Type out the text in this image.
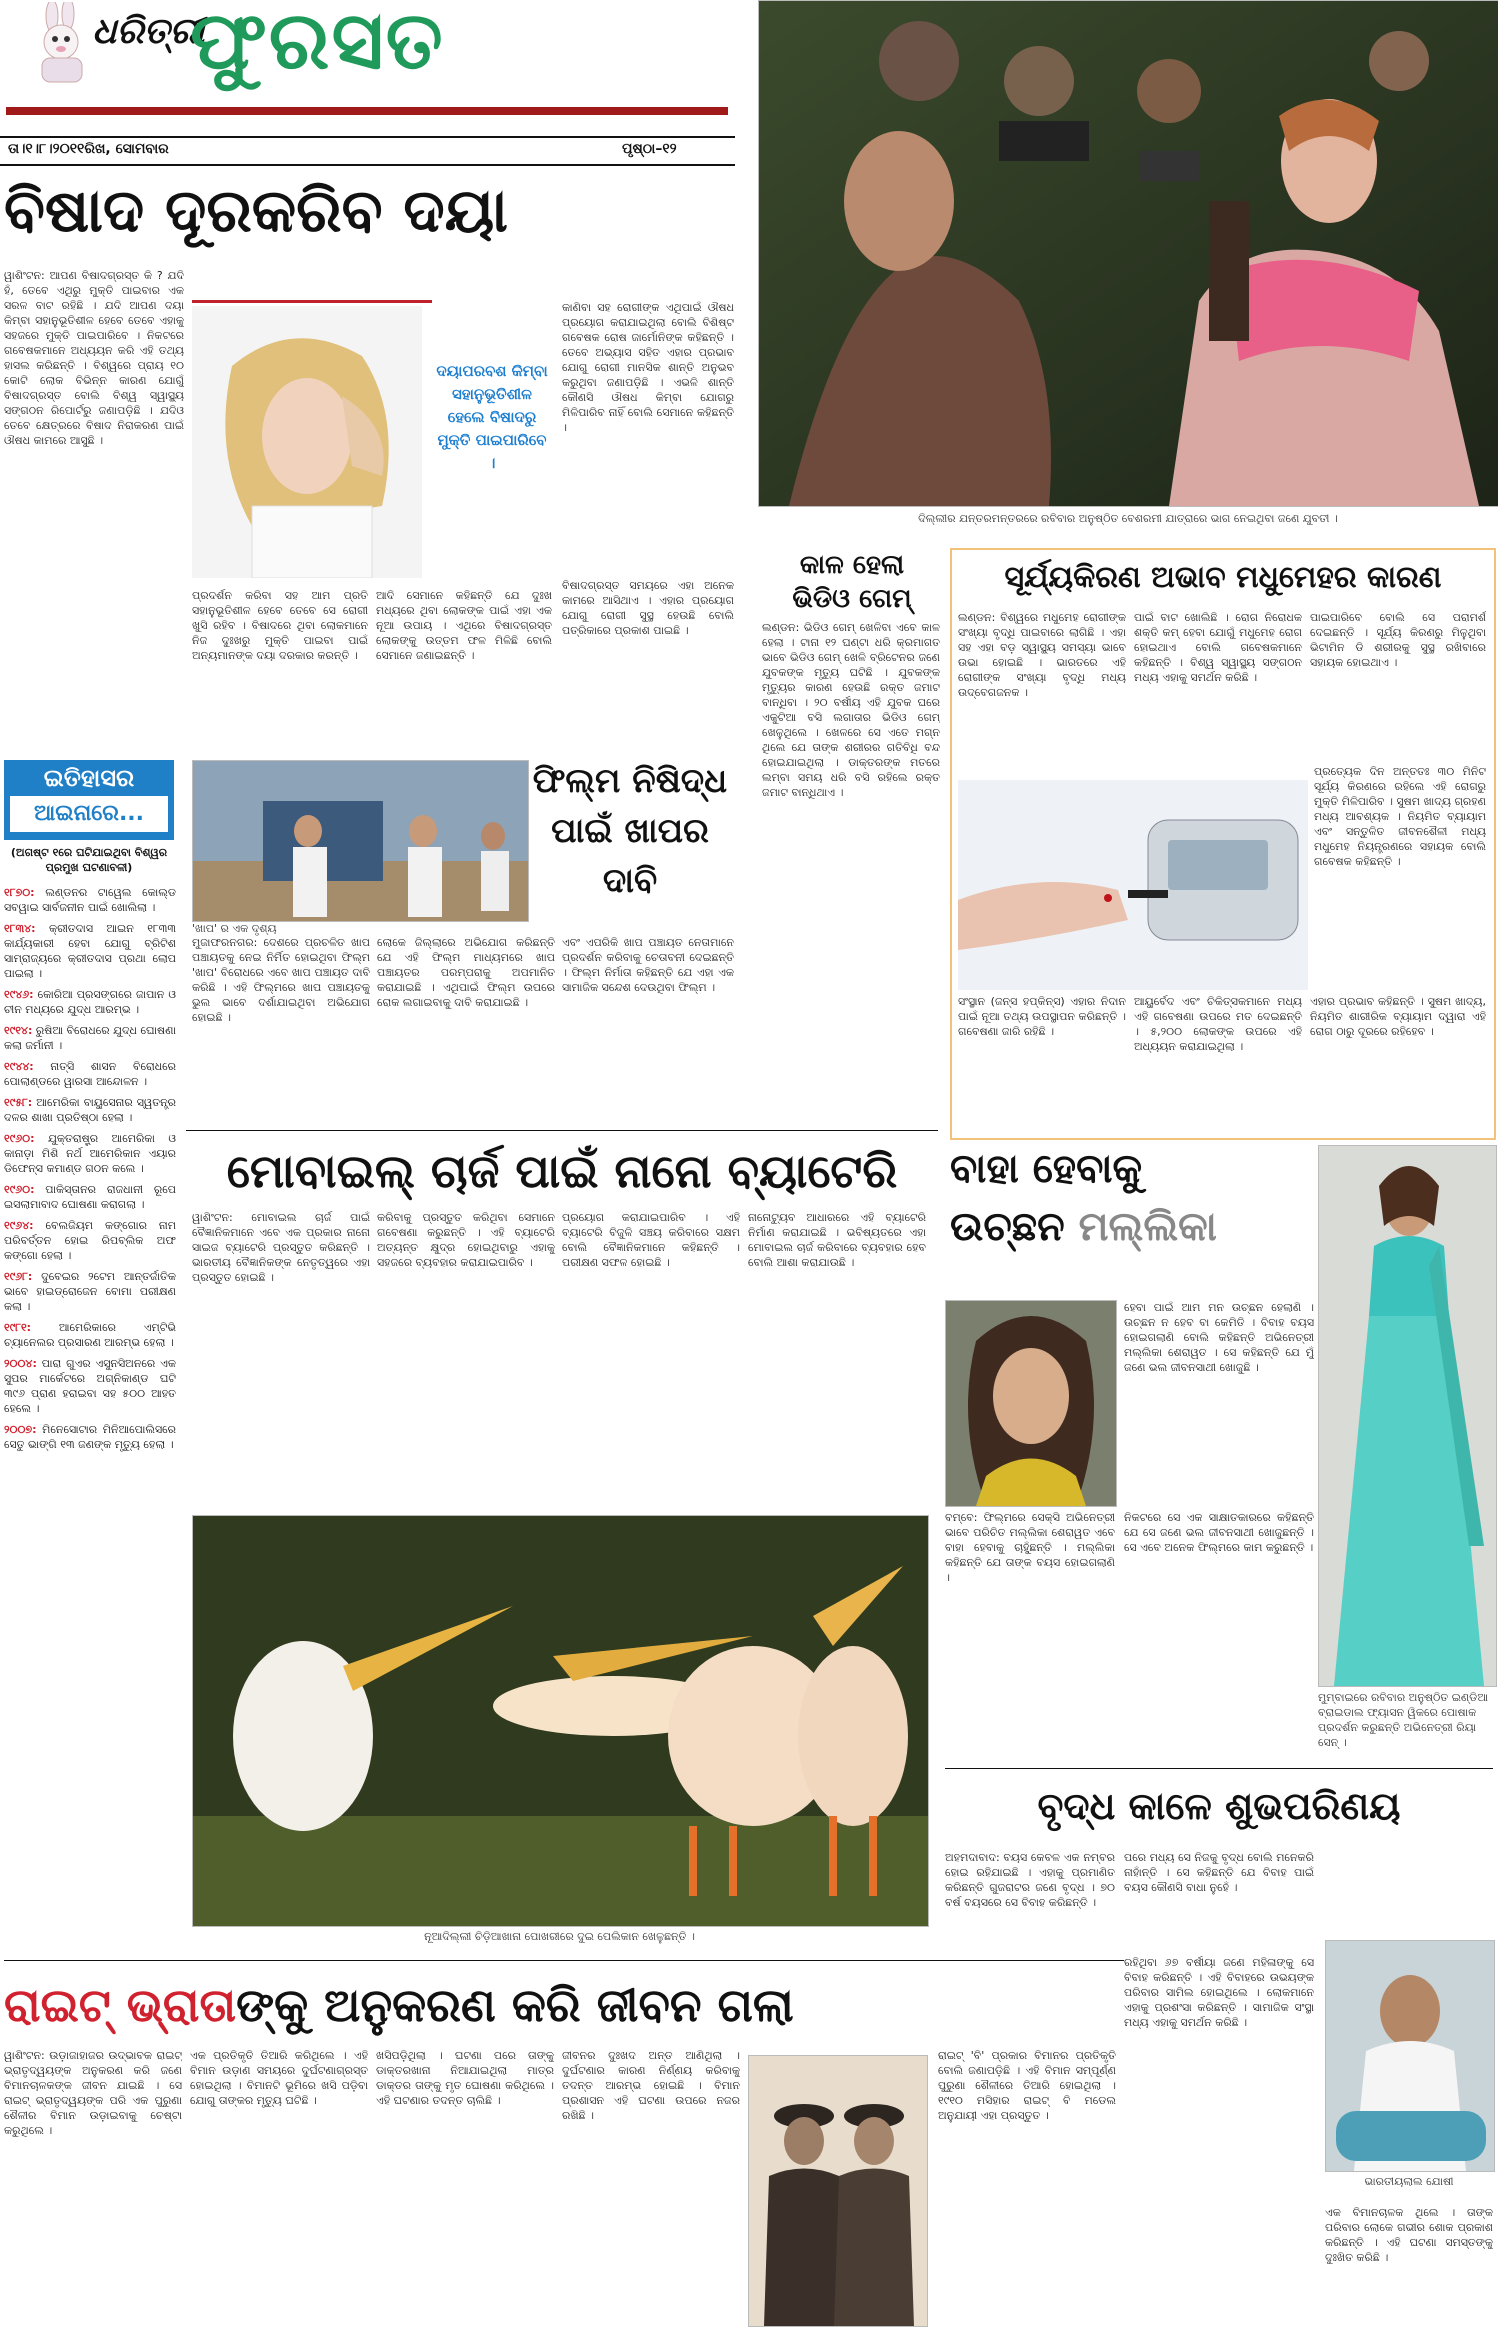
ଧରିତ୍ରୀ
ଫୁରସତ
ତା।୧।୮।୨୦୧୧ରିଖ, ସୋମବାର	ପୃଷ୍ଠା–୧୨
ଦିଲ୍ଲୀର ଯନ୍ତରମନ୍ତରରେ ରବିବାର ଅନୁଷ୍ଠିତ ବେଶରମୀ ଯାତ୍ରାରେ ଭାଗ ନେଇଥିବା ଜଣେ ଯୁବତୀ ।
ବିଷାଦ ଦୂରକରିବ ଦୟା
ୱାଶିଂଟନ: ଆପଣ ବିଷାଦଗ୍ରସ୍ତ କି ? ଯଦି ହଁ, ତେବେ ଏଥିରୁ ମୁକ୍ତି ପାଇବାର ଏକ ସରଳ ବାଟ ରହିଛି । ଯଦି ଆପଣ ଦୟା କିମ୍ବା ସହାନୁଭୂତିଶୀଳ ହେବେ ତେବେ ଏହାକୁ ସହଜରେ ମୁକ୍ତି ପାଇପାରିବେ । ନିକଟରେ ଗବେଷକମାନେ ଅଧ୍ୟୟନ କରି ଏହି ତଥ୍ୟ ହାସଲ କରିଛନ୍ତି । ବିଶ୍ୱରେ ପ୍ରାୟ ୧୦ କୋଟି ଲୋକ ବିଭିନ୍ନ କାରଣ ଯୋଗୁଁ ବିଷାଦଗ୍ରସ୍ତ ବୋଲି ବିଶ୍ୱ ସ୍ୱାସ୍ଥ୍ୟ ସଙ୍ଗଠନ ରିପୋର୍ଟରୁ ଜଣାପଡ଼ିଛି । ଯଦିଓ ତେବେ କ୍ଷେତ୍ରରେ ବିଷାଦ ନିରାକରଣ ପାଇଁ ଔଷଧ କାମରେ ଆସୁଛି ।
ଦୟାପରବଶ କିମ୍ବା ସହାନୁଭୂତିଶୀଳ ହେଲେ ବିଷାଦରୁ ମୁକ୍ତି ପାଇପାରିବେ ।
କାଣିବା ସହ ରୋଗୀଙ୍କ ଏଥିପାଇଁ ଔଷଧ ପ୍ରୟୋଗ କରାଯାଇଥିଲା ବୋଲି ବିଶିଷ୍ଟ ଗବେଷକ ରୋଷ ଜାର୍ମୋନିଙ୍କ କହିଛନ୍ତି । ତେବେ ଅଭ୍ୟାସ ସହିତ ଏହାର ପ୍ରଭାବ ଯୋଗୁ ରୋଗୀ ମାନସିକ ଶାନ୍ତି ଅନୁଭବ କରୁଥିବା ଜଣାପଡ଼ିଛି । ଏଭଳି ଶାନ୍ତି କୌଣସି ଔଷଧ କିମ୍ବା ଯୋଗରୁ ମିଳିପାରିବ ନାହିଁ ବୋଲି ସେମାନେ କହିଛନ୍ତି ।
ପ୍ରଦର୍ଶନ କରିବା ସହ ଆମ ପ୍ରତି ସହାନୁଭୂତିଶୀଳ ହେବେ ତେବେ ସେ ରୋଗୀ ଖୁସି ରହିବ । ବିଷାଦରେ ଥିବା ଲୋକମାନେ ନିଜ ଦୁଃଖରୁ ମୁକ୍ତି ପାଇବା ପାଇଁ ଅନ୍ୟମାନଙ୍କ ଦୟା ଦରକାର କରନ୍ତି ।
ଆଦି ସେମାନେ କହିଛନ୍ତି ଯେ ଦୁଃଖ ମଧ୍ୟରେ ଥିବା ଲୋକଙ୍କ ପାଇଁ ଏହା ଏକ ନୂଆ ଉପାୟ । ଏଥିରେ ବିଷାଦଗ୍ରସ୍ତ ଲୋକଙ୍କୁ ଉତ୍ତମ ଫଳ ମିଳିଛି ବୋଲି ସେମାନେ ଜଣାଇଛନ୍ତି ।
ବିଷାଦଗ୍ରସ୍ତ ସମୟରେ ଏହା ଅନେକ କାମରେ ଆସିଥାଏ । ଏହାର ପ୍ରୟୋଗ ଯୋଗୁ ରୋଗୀ ସୁସ୍ଥ ହେଉଛି ବୋଲି ପତ୍ରିକାରେ ପ୍ରକାଶ ପାଇଛି ।
କାଳ ହେଲା
ଭିଡିଓ ଗେମ୍
ଲଣ୍ଡନ: ଭିଡିଓ ଗେମ୍ ଖେଳିବା ଏବେ କାଳ ହେଲା । ଟାନା ୧୨ ଘଣ୍ଟା ଧରି କ୍ରମାଗତ ଭାବେ ଭିଡିଓ ଗେମ୍ ଖେଳି ବ୍ରିଟେନର ଜଣେ ଯୁବକଙ୍କ ମୃତ୍ୟୁ ଘଟିଛି । ଯୁବକଙ୍କ ମୃତ୍ୟୁର କାରଣ ହେଉଛି ରକ୍ତ ଜମାଟ ବାନ୍ଧିବା । ୨୦ ବର୍ଷୀୟ ଏହି ଯୁବକ ଘରେ ଏକୁଟିଆ ବସି ଲଗାତାର ଭିଡିଓ ଗେମ୍ ଖେଳୁଥିଲେ । ଖେଳରେ ସେ ଏତେ ମଗ୍ନ ଥିଲେ ଯେ ତାଙ୍କ ଶରୀରର ଗତିବିଧି ବନ୍ଦ ହୋଇଯାଇଥିଲା । ଡାକ୍ତରଙ୍କ ମତରେ ଲମ୍ବା ସମୟ ଧରି ବସି ରହିଲେ ରକ୍ତ ଜମାଟ ବାନ୍ଧିଥାଏ ।
ସୂର୍ଯ୍ୟକିରଣ ଅଭାବ ମଧୁମେହର କାରଣ
ଲଣ୍ଡନ: ବିଶ୍ୱରେ ମଧୁମେହ ରୋଗୀଙ୍କ ସଂଖ୍ୟା ବୃଦ୍ଧି ପାଇବାରେ ଲାଗିଛି । ଏହା ସହ ଏହା ବଡ଼ ସ୍ୱାସ୍ଥ୍ୟ ସମସ୍ୟା ଭାବେ ଉଭା ହୋଇଛି । ଭାରତରେ ଏହି ରୋଗୀଙ୍କ ସଂଖ୍ୟା ବୃଦ୍ଧି ମଧ୍ୟ ଉଦ୍ବେଗଜନକ ।
ପାଇଁ ବାଟ ଖୋଲିଛି । ରୋଗ ନିରୋଧକ ଶକ୍ତି କମ୍ ହେବା ଯୋଗୁଁ ମଧୁମେହ ରୋଗ ହୋଇଥାଏ ବୋଲି ଗବେଷକମାନେ କହିଛନ୍ତି । ବିଶ୍ୱ ସ୍ୱାସ୍ଥ୍ୟ ସଙ୍ଗଠନ ମଧ୍ୟ ଏହାକୁ ସମର୍ଥନ କରିଛି ।
ପାଇପାରିବେ ବୋଲି ସେ ପରାମର୍ଶ ଦେଇଛନ୍ତି । ସୂର୍ଯ୍ୟ କିରଣରୁ ମିଳୁଥିବା ଭିଟାମିନ ଡି ଶରୀରକୁ ସୁସ୍ଥ ରଖିବାରେ ସହାୟକ ହୋଇଥାଏ ।
ପ୍ରତ୍ୟେକ ଦିନ ଅନ୍ତତଃ ୩୦ ମିନିଟ ସୂର୍ଯ୍ୟ କିରଣରେ ରହିଲେ ଏହି ରୋଗରୁ ମୁକ୍ତି ମିଳିପାରିବ । ସୁଷମ ଖାଦ୍ୟ ଗ୍ରହଣ ମଧ୍ୟ ଆବଶ୍ୟକ । ନିୟମିତ ବ୍ୟାୟାମ ଏବଂ ସନ୍ତୁଳିତ ଜୀବନଶୈଳୀ ମଧ୍ୟ ମଧୁମେହ ନିୟନ୍ତ୍ରଣରେ ସହାୟକ ବୋଲି ଗବେଷକ କହିଛନ୍ତି ।
ସଂସ୍ଥାନ (ଜନ୍ସ ହପ୍କିନ୍ସ) ଏହାର ନିଦାନ ପାଇଁ ନୂଆ ତଥ୍ୟ ଉପସ୍ଥାପନ କରିଛନ୍ତି । ଗବେଷଣା ଜାରି ରହିଛି ।
ଆୟୁର୍ବେଦ ଏବଂ ଚିକିତ୍ସକମାନେ ମଧ୍ୟ ଏହି ଗବେଷଣା ଉପରେ ମତ ଦେଇଛନ୍ତି । ୫,୨୦୦ ଲୋକଙ୍କ ଉପରେ ଏହି ଅଧ୍ୟୟନ କରାଯାଇଥିଲା ।
ଏହାର ପ୍ରଭାବ କହିଛନ୍ତି । ସୁଷମ ଖାଦ୍ୟ, ନିୟମିତ ଶାରୀରିକ ବ୍ୟାୟାମ ଦ୍ୱାରା ଏହି ରୋଗ ଠାରୁ ଦୂରରେ ରହିହେବ ।
ଇତିହାସର
ଆଇନାରେ...
(ଅଗଷ୍ଟ ୧ରେ ଘଟିଯାଇଥିବା ବିଶ୍ୱର ପ୍ରମୁଖ ଘଟଣାବଳୀ)
୧୮୭୦: ଲଣ୍ଡନର ଟାୱେଲ କୋଲ୍ଡ ସବୱାଇ ସାର୍ବଜନୀନ ପାଇଁ ଖୋଲିଲା ।
୧୮୩୪: କ୍ରୀତଦାସ ଆଇନ ୧୮୩୩ କାର୍ଯ୍ୟକାରୀ ହେବା ଯୋଗୁ ବ୍ରିଟିଶ ସାମ୍ରାଜ୍ୟରେ କ୍ରୀତଦାସ ପ୍ରଥା ଲୋପ ପାଇଲା ।
୧୯୪୬: କୋରିଆ ପ୍ରସଙ୍ଗରେ ଜାପାନ ଓ ଚୀନ ମଧ୍ୟରେ ଯୁଦ୍ଧ ଆରମ୍ଭ ।
୧୯୧୪: ରୁଷିଆ ବିରୋଧରେ ଯୁଦ୍ଧ ଘୋଷଣା କଲା ଜର୍ମାନୀ ।
୧୯୪୪: ନାତ୍ସି ଶାସନ ବିରୋଧରେ ପୋଲାଣ୍ଡରେ ୱାରସା ଆନ୍ଦୋଳନ ।
୧୯୫୮: ଆମେରିକା ବାୟୁସେନାର ସ୍ୱତନ୍ତ୍ର ଦଳର ଶାଖା ପ୍ରତିଷ୍ଠା ହେଲା ।
୧୯୬୦: ଯୁକ୍ତରାଷ୍ଟ୍ର ଆମେରିକା ଓ କାନାଡ଼ା ମିଶି ନର୍ଥ ଆମେରିକାନ ଏୟାର ଡିଫେନ୍ସ କମାଣ୍ଡ ଗଠନ କଲେ ।
୧୯୬୦: ପାକିସ୍ତାନର ରାଜଧାନୀ ରୂପେ ଇସଲାମାବାଦ ଘୋଷଣା କରାଗଲା ।
୧୯୬୪: ବେଲଜିୟମ କଙ୍ଗୋର ନାମ ପରିବର୍ତ୍ତନ ହୋଇ ରିପବ୍ଲିକ ଅଫ କଙ୍ଗୋ ହେଲା ।
୧୯୬୮: ଦୁବେଇର ୨ଟେମ ଆନ୍ତର୍ଜାତିକ ଭାବେ ହାଇଡ୍ରୋଜେନ ବୋମା ପରୀକ୍ଷଣ କଲା ।
୧୯୮୧:	ଆମେରିକାରେ ଏମ୍ଟିଭି ଚ୍ୟାନେଲର ପ୍ରସାରଣ ଆରମ୍ଭ ହେଲା ।
୨୦୦୪: ପାରା ଗୁଏର ଏସୁନସିଅନରେ ଏକ ସୁପର ମାର୍କେଟରେ ଅଗ୍ନିକାଣ୍ଡ ଘଟି ୩୯୬ ପ୍ରାଣ ହରାଇବା ସହ ୫୦୦ ଆହତ ହେଲେ ।
୨୦୦୭: ମିନେସୋଟାର ମିନିଆପୋଲିସରେ ସେତୁ ଭାଙ୍ଗି ୧୩ ଜଣଙ୍କ ମୃତ୍ୟୁ ହେଲା ।
'ଖାପ' ର ଏକ ଦୃଶ୍ୟ
ଫିଲ୍ମ ନିଷିଦ୍ଧ
ପାଇଁ ଖାପର
ଦାବି
ମୁଜାଫରନଗର: ଦେଶରେ ପ୍ରଚଳିତ ଖାପ ପଞ୍ଚାୟତକୁ ନେଇ ନିର୍ମିତ ହୋଇଥିବା ଫିଲ୍ମ 'ଖାପ' ବିରୋଧରେ ଏବେ ଖାପ ପଞ୍ଚାୟତ ଦାବି କରିଛି । ଏହି ଫିଲ୍ମରେ ଖାପ ପଞ୍ଚାୟତକୁ ଭୁଲ ଭାବେ ଦର୍ଶାଯାଇଥିବା ଅଭିଯୋଗ ହୋଇଛି ।
ଲୋକେ ଜିଲ୍ଲାରେ ଅଭିଯୋଗ କରିଛନ୍ତି ଯେ ଏହି ଫିଲ୍ମ ମାଧ୍ୟମରେ ଖାପ ପଞ୍ଚାୟତର ପରମ୍ପରାକୁ ଅପମାନିତ କରାଯାଇଛି । ଏଥିପାଇଁ ଫିଲ୍ମ ଉପରେ ରୋକ ଲଗାଇବାକୁ ଦାବି କରାଯାଇଛି ।
ଏବଂ ଏପରିକି ଖାପ ପଞ୍ଚାୟତ ନେତାମାନେ ପ୍ରଦର୍ଶନ କରିବାକୁ ଚେତାବନୀ ଦେଇଛନ୍ତି । ଫିଲ୍ମ ନିର୍ମାତା କହିଛନ୍ତି ଯେ ଏହା ଏକ ସାମାଜିକ ସନ୍ଦେଶ ଦେଉଥିବା ଫିଲ୍ମ ।
ମୋବାଇଲ୍ ଚାର୍ଜ ପାଇଁ ନାନୋ ବ୍ୟାଟେରି
ୱାଶିଂଟନ: ମୋବାଇଲ ଚାର୍ଜ ପାଇଁ ବୈଜ୍ଞାନିକମାନେ ଏବେ ଏକ ପ୍ରକାର ନାନୋ ସାଇଜ ବ୍ୟାଟେରି ପ୍ରସ୍ତୁତ କରିଛନ୍ତି । ଭାରତୀୟ ବୈଜ୍ଞାନିକଙ୍କ ନେତୃତ୍ୱରେ ଏହା ପ୍ରସ୍ତୁତ ହୋଇଛି ।
କରିବାକୁ ପ୍ରସ୍ତୁତ କରିଥିବା ସେମାନେ ଗବେଷଣା କରୁଛନ୍ତି । ଏହି ବ୍ୟାଟେରି ଅତ୍ୟନ୍ତ କ୍ଷୁଦ୍ର ହୋଇଥିବାରୁ ଏହାକୁ ସହଜରେ ବ୍ୟବହାର କରାଯାଇପାରିବ ।
ପ୍ରୟୋଗ କରାଯାଇପାରିବ । ଏହି ବ୍ୟାଟେରି ବିଜୁଳି ସଞ୍ଚୟ କରିବାରେ ସକ୍ଷମ ବୋଲି ବୈଜ୍ଞାନିକମାନେ କହିଛନ୍ତି । ପରୀକ୍ଷଣ ସଫଳ ହୋଇଛି ।
ନାନୋଟ୍ୟୁବ ଆଧାରରେ ଏହି ବ୍ୟାଟେରି ନିର୍ମାଣ କରାଯାଇଛି । ଭବିଷ୍ୟତରେ ଏହା ମୋବାଇଲ ଚାର୍ଜ କରିବାରେ ବ୍ୟବହାର ହେବ ବୋଲି ଆଶା କରାଯାଉଛି ।
ନୂଆଦିଲ୍ଲୀ ଚିଡ଼ିଆଖାନା ପୋଖରୀରେ ଦୁଇ ପେଲିକାନ ଖେଳୁଛନ୍ତି ।
ବାହା ହେବାକୁ
ଉଚ୍ଛନ ମଲ୍ଲିକା
ହେବା ପାଇଁ ଆମ ମନ ଉଚ୍ଛନ ହେଲାଣି । ଉଚ୍ଛନ ନ ହେବ ବା କେମିତି । ବିବାହ ବୟସ ହୋଇଗଲାଣି ବୋଲି କହିଛନ୍ତି ଅଭିନେତ୍ରୀ ମଲ୍ଲିକା ଶେରାୱତ । ସେ କହିଛନ୍ତି ଯେ ମୁଁ ଜଣେ ଭଲ ଜୀବନସାଥୀ ଖୋଜୁଛି ।
ବମ୍ବେ: ଫିଲ୍ମରେ ସେକ୍ସି ଅଭିନେତ୍ରୀ ଭାବେ ପରିଚିତ ମଲ୍ଲିକା ଶେରାୱତ ଏବେ ବାହା ହେବାକୁ ଚାହୁଁଛନ୍ତି । ମଲ୍ଲିକା କହିଛନ୍ତି ଯେ ତାଙ୍କ ବୟସ ହୋଇଗଲାଣି ।
ନିକଟରେ ସେ ଏକ ସାକ୍ଷାତକାରରେ କହିଛନ୍ତି ଯେ ସେ ଜଣେ ଭଲ ଜୀବନସାଥୀ ଖୋଜୁଛନ୍ତି । ସେ ଏବେ ଅନେକ ଫିଲ୍ମରେ କାମ କରୁଛନ୍ତି ।
ମୁମ୍ବାଇରେ ରବିବାର ଅନୁଷ୍ଠିତ ଇଣ୍ଡିଆ ବ୍ରାଇଡାଲ ଫ୍ୟାସନ ୱିକରେ ପୋଷାକ ପ୍ରଦର୍ଶନ କରୁଛନ୍ତି ଅଭିନେତ୍ରୀ ରିୟା ସେନ୍ ।
ବୃଦ୍ଧ କାଳେ ଶୁଭପରିଣୟ
ଅହମଦାବାଦ: ବୟସ କେବଳ ଏକ ନମ୍ବର ହୋଇ ରହିଯାଇଛି । ଏହାକୁ ପ୍ରମାଣିତ କରିଛନ୍ତି ଗୁଜରାଟର ଜଣେ ବୃଦ୍ଧ । ୭୦ ବର୍ଷ ବୟସରେ ସେ ବିବାହ କରିଛନ୍ତି ।
ପରେ ମଧ୍ୟ ସେ ନିଜକୁ ବୃଦ୍ଧ ବୋଲି ମନେକରି ନାହାଁନ୍ତି । ସେ କହିଛନ୍ତି ଯେ ବିବାହ ପାଇଁ ବୟସ କୌଣସି ବାଧା ନୁହେଁ ।
ରହିଥିବା ୬୭ ବର୍ଷୀୟା ଜଣେ ମହିଳାଙ୍କୁ ସେ ବିବାହ କରିଛନ୍ତି । ଏହି ବିବାହରେ ଉଭୟଙ୍କ ପରିବାର ସାମିଲ ହୋଇଥିଲେ । ଲୋକମାନେ ଏହାକୁ ପ୍ରଶଂସା କରିଛନ୍ତି । ସାମାଜିକ ସଂସ୍ଥା ମଧ୍ୟ ଏହାକୁ ସମର୍ଥନ କରିଛି ।
ଭାରତୀୟଲାଲ ଯୋଷୀ
ରାଇଟ୍ ଭ୍ରାତାଙ୍କୁ ଅନୁକରଣ କରି ଜୀବନ ଗଲା
ୱାଶିଂଟନ: ଉଡ଼ାଜାହାଜର ଉଦ୍ଭାବକ ରାଇଟ୍ ଭ୍ରାତୃଦ୍ୱୟଙ୍କ ଅନୁକରଣ କରି ଜଣେ ବିମାନଚାଳକଙ୍କ ଜୀବନ ଯାଇଛି । ସେ ରାଇଟ୍ ଭ୍ରାତୃଦ୍ୱୟଙ୍କ ପରି ଏକ ପୁରୁଣା ଶୈଳୀର ବିମାନ ଉଡ଼ାଇବାକୁ ଚେଷ୍ଟା କରୁଥିଲେ ।
ଏକ ପ୍ରତିକୃତି ତିଆରି କରିଥିଲେ । ଏହି ବିମାନ ଉଡ଼ାଣ ସମୟରେ ଦୁର୍ଘଟଣାଗ୍ରସ୍ତ ହୋଇଥିଲା । ବିମାନଟି ଭୂମିରେ ଖସି ପଡ଼ିବା ଯୋଗୁ ତାଙ୍କର ମୃତ୍ୟୁ ଘଟିଛି ।
ଖସିପଡ଼ିଥିଲା । ଘଟଣା ପରେ ତାଙ୍କୁ ଡାକ୍ତରଖାନା ନିଆଯାଇଥିଲା ମାତ୍ର ଡାକ୍ତର ତାଙ୍କୁ ମୃତ ଘୋଷଣା କରିଥିଲେ । ଏହି ଘଟଣାର ତଦନ୍ତ ଚାଲିଛି ।
ଜୀବନର ଦୁଃଖଦ ଅନ୍ତ ଆଣିଥିଲା । ଦୁର୍ଘଟଣାର କାରଣ ନିର୍ଣ୍ଣୟ କରିବାକୁ ତଦନ୍ତ ଆରମ୍ଭ ହୋଇଛି । ବିମାନ ପ୍ରଶାସନ ଏହି ଘଟଣା ଉପରେ ନଜର ରଖିଛି ।
ରାଇଟ୍ 'ବି' ପ୍ରକାର ବିମାନର ପ୍ରତିକୃତି ବୋଲି ଜଣାପଡ଼ିଛି । ଏହି ବିମାନ ସମ୍ପୂର୍ଣ୍ଣ ପୁରୁଣା ଶୈଳୀରେ ତିଆରି ହୋଇଥିଲା । ୧୯୧୦ ମସିହାର ରାଇଟ୍ ବି ମଡେଲ ଅନୁଯାୟୀ ଏହା ପ୍ରସ୍ତୁତ ।
ଏକ ବିମାନଚାଳକ ଥିଲେ । ତାଙ୍କ ପରିବାର ଲୋକେ ଗଭୀର ଶୋକ ପ୍ରକାଶ କରିଛନ୍ତି । ଏହି ଘଟଣା ସମସ୍ତଙ୍କୁ ଦୁଃଖିତ କରିଛି ।
